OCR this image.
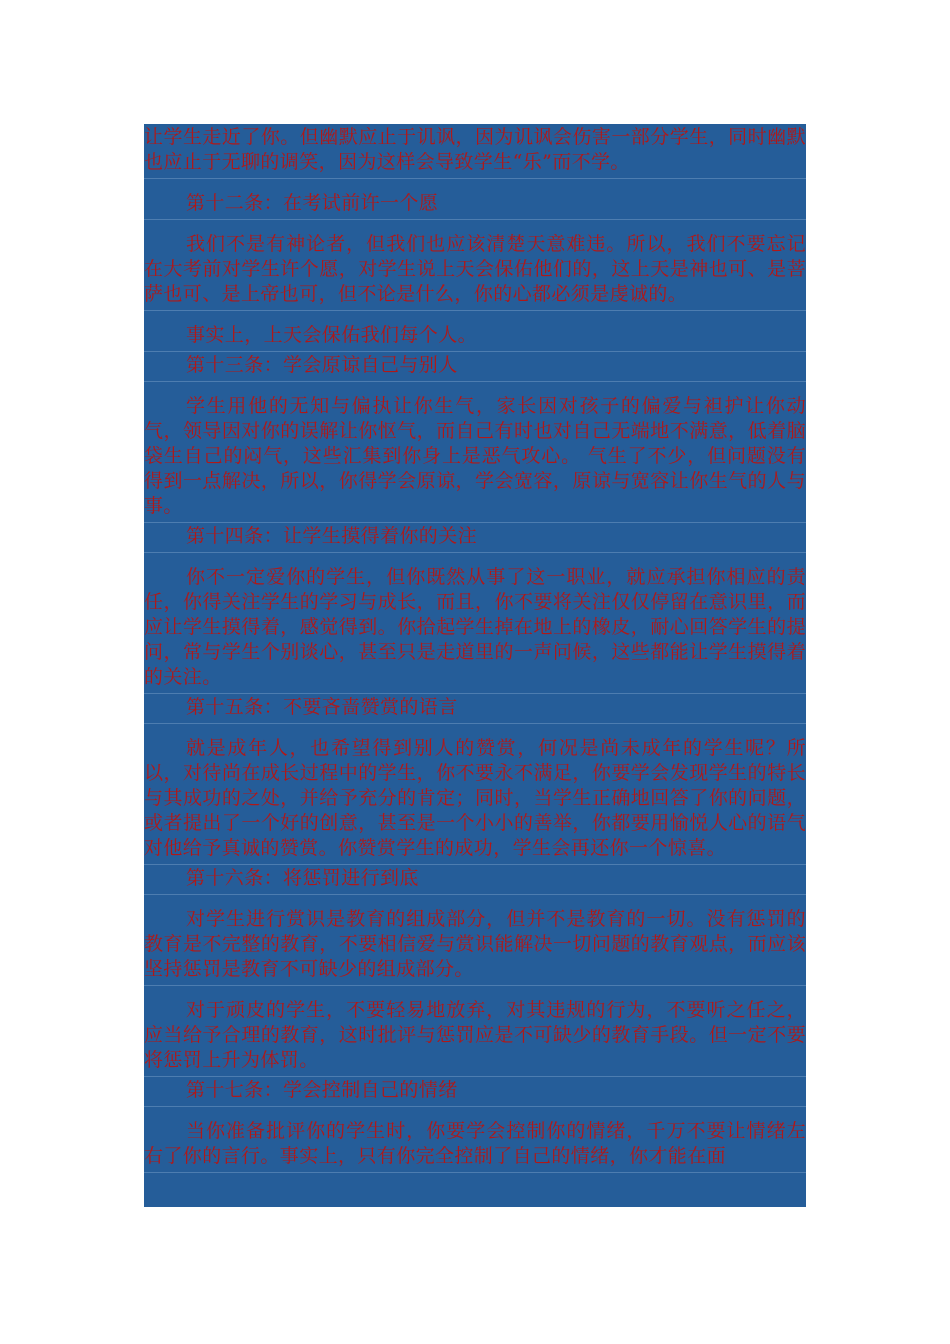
让学生走近了你。但幽默应止于讥讽，因为讥讽会伤害一部分学生，同时幽默也应止于无聊的调笑，因为这样会导致学生“乐”而不学。

第十二条：在考试前许一个愿

我们不是有神论者，但我们也应该清楚天意难违。所以，我们不要忘记在大考前对学生许个愿，对学生说上天会保佑他们的，这上天是神也可、是菩萨也可、是上帝也可，但不论是什么，你的心都必须是虔诚的。

事实上，上天会保佑我们每个人。

第十三条：学会原谅自己与别人

学生用他的无知与偏执让你生气，家长因对孩子的偏爱与袒护让你动气，领导因对你的误解让你怄气，而自己有时也对自己无端地不满意，低着脑袋生自己的闷气，这些汇集到你身上是恶气攻心。 气生了不少，但问题没有得到一点解决，所以，你得学会原谅，学会宽容，原谅与宽容让你生气的人与事。

第十四条：让学生摸得着你的关注

你不一定爱你的学生，但你既然从事了这一职业，就应承担你相应的责任，你得关注学生的学习与成长，而且，你不要将关注仅仅停留在意识里，而应让学生摸得着，感觉得到。你拾起学生掉在地上的橡皮，耐心回答学生的提问，常与学生个别谈心，甚至只是走道里的一声问候，这些都能让学生摸得着的关注。

第十五条：不要吝啬赞赏的语言

就是成年人，也希望得到别人的赞赏，何况是尚未成年的学生呢？所以，对待尚在成长过程中的学生，你不要永不满足，你要学会发现学生的特长与其成功的之处，并给予充分的肯定；同时，当学生正确地回答了你的问题，或者提出了一个好的创意，甚至是一个小小的善举，你都要用愉悦人心的语气对他给予真诚的赞赏。你赞赏学生的成功，学生会再还你一个惊喜。

第十六条：将惩罚进行到底

对学生进行赏识是教育的组成部分，但并不是教育的一切。没有惩罚的教育是不完整的教育，不要相信爱与赏识能解决一切问题的教育观点，而应该坚持惩罚是教育不可缺少的组成部分。

对于顽皮的学生，不要轻易地放弃，对其违规的行为，不要听之任之，应当给予合理的教育，这时批评与惩罚应是不可缺少的教育手段。但一定不要将惩罚上升为体罚。

第十七条：学会控制自己的情绪

当你准备批评你的学生时，你要学会控制你的情绪，千万不要让情绪左右了你的言行。事实上，只有你完全控制了自己的情绪，你才能在面
